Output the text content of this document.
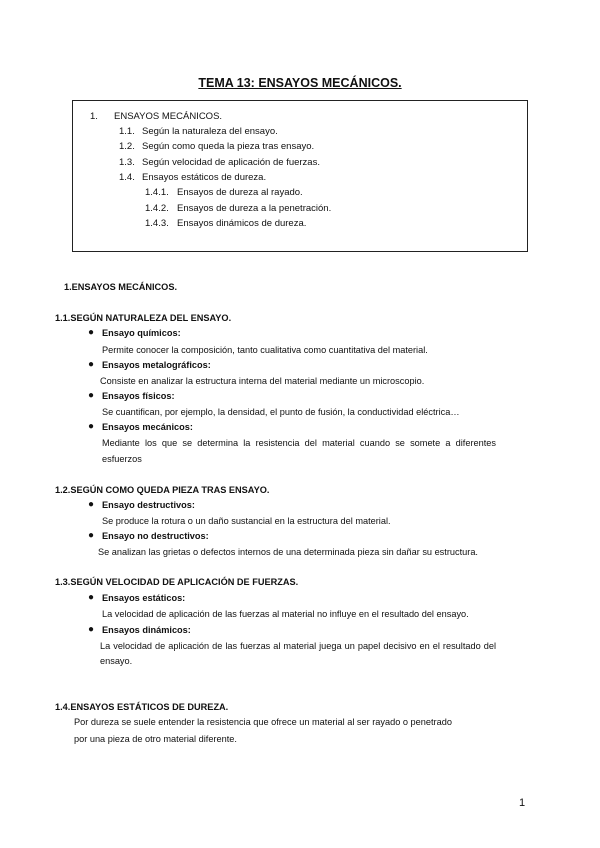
TEMA 13: ENSAYOS MECÁNICOS.
1. ENSAYOS MECÁNICOS.
1.1. Según la naturaleza del ensayo.
1.2. Según como queda la pieza tras ensayo.
1.3. Según velocidad de aplicación de fuerzas.
1.4. Ensayos estáticos de dureza.
1.4.1. Ensayos de dureza al rayado.
1.4.2. Ensayos de dureza a la penetración.
1.4.3. Ensayos dinámicos de dureza.
1.ENSAYOS MECÁNICOS.
1.1.SEGÚN NATURALEZA DEL ENSAYO.
● Ensayo químicos:
Permite conocer la composición, tanto cualitativa como cuantitativa del material.
● Ensayos metalográficos:
Consiste en analizar la estructura interna del material mediante un microscopio.
● Ensayos físicos:
Se cuantifican, por ejemplo, la densidad, el punto de fusión, la conductividad eléctrica…
● Ensayos mecánicos:
Mediante los que se determina la resistencia del material cuando se somete a diferentes
esfuerzos
1.2.SEGÚN COMO QUEDA PIEZA TRAS ENSAYO.
● Ensayo destructivos:
Se produce la rotura o un daño sustancial en la estructura del material.
● Ensayo no destructivos:
Se analizan las grietas o defectos internos de una determinada pieza sin dañar su estructura.
1.3.SEGÚN VELOCIDAD DE APLICACIÓN DE FUERZAS.
● Ensayos estáticos:
La velocidad de aplicación de las fuerzas al material no influye en el resultado del ensayo.
● Ensayos dinámicos:
La velocidad de aplicación de las fuerzas al material juega un papel decisivo en el resultado del
ensayo.
1.4.ENSAYOS ESTÁTICOS DE DUREZA.
Por dureza se suele entender la resistencia que ofrece un material al ser rayado o penetrado
por una pieza de otro material diferente.
1
